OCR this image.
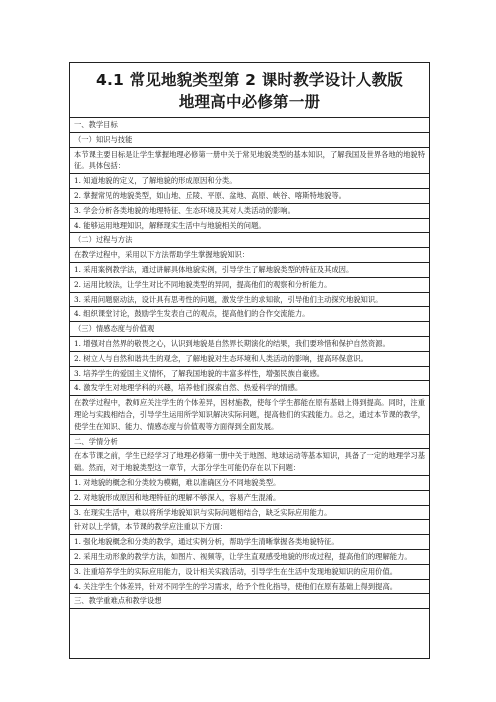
4.1 常见地貌类型第 2 课时教学设计人教版
地理高中必修第一册
一、教学目标
（一）知识与技能
本节课主要目标是让学生掌握地理必修第一册中关于常见地貌类型的基本知识，了解我国及世界各地的地貌特征。具体包括：
1. 知道地貌的定义，了解地貌的形成原因和分类。
2. 掌握常见的地貌类型，如山地、丘陵、平原、盆地、高原、峡谷、喀斯特地貌等。
3. 学会分析各类地貌的地理特征、生态环境及其对人类活动的影响。
4. 能够运用地理知识，解释现实生活中与地貌相关的问题。
（二）过程与方法
在教学过程中，采用以下方法帮助学生掌握地貌知识：
1. 采用案例教学法，通过讲解具体地貌实例，引导学生了解地貌类型的特征及其成因。
2. 运用比较法，让学生对比不同地貌类型的异同，提高他们的观察和分析能力。
3. 采用问题驱动法，设计具有思考性的问题，激发学生的求知欲，引导他们主动探究地貌知识。
4. 组织课堂讨论，鼓励学生发表自己的观点，提高他们的合作交流能力。
（三）情感态度与价值观
1. 增强对自然界的敬畏之心，认识到地貌是自然界长期演化的结果，我们要珍惜和保护自然资源。
2. 树立人与自然和谐共生的观念，了解地貌对生态环境和人类活动的影响，提高环保意识。
3. 培养学生的爱国主义情怀，了解我国地貌的丰富多样性，增强民族自豪感。
4. 激发学生对地理学科的兴趣，培养他们探索自然、热爱科学的情感。
在教学过程中，教师应关注学生的个体差异，因材施教，使每个学生都能在原有基础上得到提高。同时，注重理论与实践相结合，引导学生运用所学知识解决实际问题，提高他们的实践能力。总之，通过本节课的教学，使学生在知识、能力、情感态度与价值观等方面得到全面发展。
二、学情分析
在本节课之前，学生已经学习了地理必修第一册中关于地图、地球运动等基本知识，具备了一定的地理学习基础。然而，对于地貌类型这一章节，大部分学生可能仍存在以下问题：
1. 对地貌的概念和分类较为模糊，难以准确区分不同地貌类型。
2. 对地貌形成原因和地理特征的理解不够深入，容易产生混淆。
3. 在现实生活中，难以将所学地貌知识与实际问题相结合，缺乏实际应用能力。
针对以上学情，本节课的教学应注重以下方面：
1. 强化地貌概念和分类的教学，通过实例分析，帮助学生清晰掌握各类地貌特征。
2. 采用生动形象的教学方法，如图片、视频等，让学生直观感受地貌的形成过程，提高他们的理解能力。
3. 注重培养学生的实际应用能力，设计相关实践活动，引导学生在生活中发现地貌知识的应用价值。
4. 关注学生个体差异，针对不同学生的学习需求，给予个性化指导，使他们在原有基础上得到提高。
三、教学重难点和教学设想
